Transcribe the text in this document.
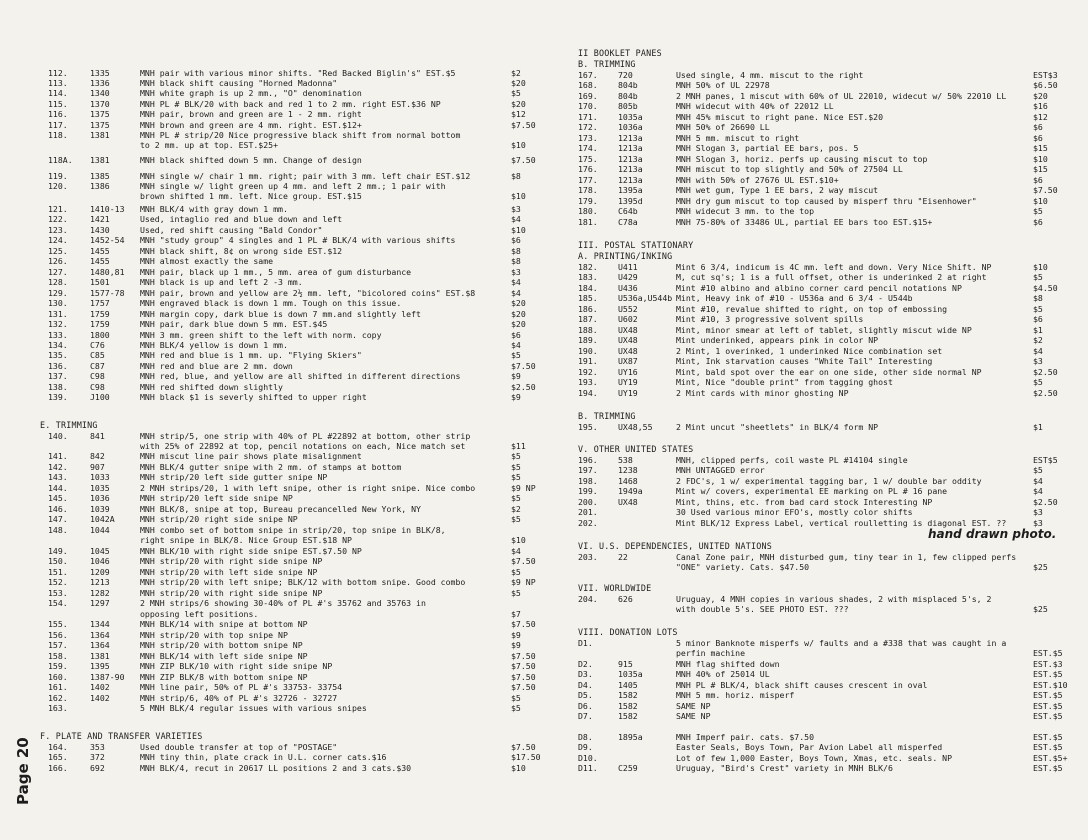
112.	1335	MNH pair with various minor shifts. "Red Backed Biglin's" EST.$5	$2
113.	1336	MNH black shift causing "Horned Madonna"	$20
114.	1340	MNH white graph is up 2 mm., "O" denomination	$5
115.	1370	MNH PL # BLK/20 with back and red 1 to 2 mm. right EST.$36 NP	$20
116.	1375	MNH pair, brown and green are 1 - 2 mm. right	$12
117.	1375	MNH brown and green are 4 mm. right. EST.$12+	$7.50
118.	1381	MNH PL # strip/20 Nice progressive black shift from normal bottom
to 2 mm. up at top. EST.$25+	$10
118A. 1381	MNH black shifted down 5 mm. Change of design	$7.50
119.	1385	MNH single w/ chair 1 mm. right; pair with 3 mm. left chair EST.$12	$8
120.	1386	MNH single w/ light green up 4 mm. and left 2 mm.; 1 pair with
brown shifted 1 mm. left. Nice group. EST.$15	$10
121.	1410-13 MNH BLK/4 with gray down 1 mm.	$3
122.	1421	Used, intaglio red and blue down and left	$4
123.	1430	Used, red shift causing "Bald Condor"	$10
124.	1452-54 MNH "study group" 4 singles and 1 PL # BLK/4 with various shifts	$6
125.	1455	MNH black shift, 8¢ on wrong side EST.$12	$8
126.	1455	MNH almost exactly the same	$8
127.	1480,81 MNH pair, black up 1 mm., 5 mm. area of gum disturbance	$3
128.	1501	MNH black is up and left 2 -3 mm.	$4
129.	1577-78 MNH pair, brown and yellow are 2½ mm. left, "bicolored coins" EST.$8	$4
130.	1757	MNH engraved black is down 1 mm. Tough on this issue.	$20
131.	1759	MNH margin copy, dark blue is down 7 mm.and slightly left	$20
132.	1759	MNH pair, dark blue down 5 mm. EST.$45	$20
133.	1800	MNH 3 mm. green shift to the left with norm. copy	$6
134.	C76	MNH BLK/4 yellow is down 1 mm.	$4
135.	C85	MNH red and blue is 1 mm. up. "Flying Skiers"	$5
136.	C87	MNH red and blue are 2 mm. down	$7.50
137.	C98	MNH red, blue, and yellow are all shifted in different directions	$9
138.	C98	MNH red shifted down slightly	$2.50
139.	J100	MNH black $1 is severly shifted to upper right	$9
E. TRIMMING
140.	841	MNH strip/5, one strip with 40% of PL #22892 at bottom, other strip
with 25% of 22892 at top, pencil notations on each, Nice match set	$11
141.	842	MNH miscut line pair shows plate misalignment	$5
142.	907	MNH BLK/4 gutter snipe with 2 mm. of stamps at bottom	$5
143.	1033	MNH strip/20 left side gutter snipe NP	$5
144.	1035	2 MNH strips/20, 1 with left snipe, other is right snipe. Nice combo	$9 NP
145.	1036	MNH strip/20 left side snipe NP	$5
146.	1039	MNH BLK/8, snipe at top, Bureau precancelled New York, NY	$2
147.	1042A	MNH strip/20 right side snipe NP	$5
148.	1044	MNH combo set of bottom snipe in strip/20, top snipe in BLK/8,
right snipe in BLK/8. Nice Group EST.$18 NP	$10
149.	1045	MNH BLK/10 with right side snipe EST.$7.50 NP	$4
150.	1046	MNH strip/20 with right side snipe NP	$7.50
151.	1209	MNH strip/20 with left side snipe NP	$5
152.	1213	MNH strip/20 with left snipe; BLK/12 with bottom snipe. Good combo	$9 NP
153.	1282	MNH strip/20 with right side snipe NP	$5
154.	1297	2 MNH strips/6 showing 30-40% of PL #'s 35762 and 35763 in
opposing left positions.	$7
155.	1344	MNH BLK/14 with snipe at bottom NP	$7.50
156.	1364	MNH strip/20 with top snipe NP	$9
157.	1364	MNH strip/20 with bottom snipe NP	$9
158.	1381	MNH BLK/14 with left side snipe NP	$7.50
159.	1395	MNH ZIP BLK/10 with right side snipe NP	$7.50
160.	1387-90 MNH ZIP BLK/8 with bottom snipe NP	$7.50
161.	1402	MNH line pair, 50% of PL #'s 33753- 33754	$7.50
162.	1402	MNH strip/6, 40% of PL #'s 32726 - 32727	$5
163.	5 MNH BLK/4 regular issues with various snipes	$5
F. PLATE AND TRANSFER VARIETIES
164.	353	Used double transfer at top of "POSTAGE"	$7.50
165.	372	MNH tiny thin, plate crack in U.L. corner cats.$16	$17.50
166.	692	MNH BLK/4, recut in 20617 LL positions 2 and 3 cats.$30	$10
II BOOKLET PANES
B. TRIMMING
167. 720	Used single, 4 mm. miscut to the right	EST$3
168. 804b	MNH 50% of UL 22978	$6.50
169. 804b	2 MNH panes, 1 miscut with 60% of UL 22010, widecut w/ 50% 22010 LL	$20
170. 805b	MNH widecut with 40% of 22012 LL	$16
171. 1035a	MNH 45% miscut to right pane. Nice EST.$20	$12
172. 1036a	MNH 50% of 26690 LL	$6
173. 1213a	MNH 5 mm. miscut to right	$6
174. 1213a	MNH Slogan 3, partial EE bars, pos. 5	$15
175. 1213a	MNH Slogan 3, horiz. perfs up causing miscut to top	$10
176. 1213a	MNH miscut to top slightly and 50% of 27504 LL	$15
177. 1213a	MNH with 50% of 27676 UL EST.$10+	$6
178. 1395a	MNH wet gum, Type 1 EE bars, 2 way miscut	$7.50
179. 1395d	MNH dry gum miscut to top caused by misperf thru "Eisenhower"	$10
180. C64b	MNH widecut 3 mm. to the top	$5
181. C78a	MNH 75-80% of 33486 UL, partial EE bars too EST.$15+	$6
III. POSTAL STATIONARY
A. PRINTING/INKING
182. U411	Mint 6 3/4, indicum is 4C mm. left and down. Very Nice Shift. NP	$10
183. U429	M, cut sq's; 1 is a full offset, other is underinked 2 at right	$5
184. U436	Mint #10 albino and albino corner card pencil notations NP	$4.50
185. U536a,U544b Mint, Heavy ink of #10 - U536a and 6 3/4 - U544b	$8
186. U552	Mint #10, revalue shifted to right, on top of embossing	$5
187. U602	Mint #10, 3 progressive solvent spills	$6
188. UX48	Mint, minor smear at left of tablet, slightly miscut wide NP	$1
189. UX48	Mint underinked, appears pink in color NP	$2
190. UX48	2 Mint, 1 overinked, 1 underinked Nice combination set	$4
191. UX87	Mint, Ink starvation causes "White Tail" Interesting	$3
192. UY16	Mint, bald spot over the ear on one side, other side normal NP	$2.50
193. UY19	Mint, Nice "double print" from tagging ghost	$5
194. UY19	2 Mint cards with minor ghosting NP	$2.50
B. TRIMMING
195. UX48,55	2 Mint uncut "sheetlets" in BLK/4 form NP	$1
V. OTHER UNITED STATES
196. 538	MNH, clipped perfs, coil waste PL #14104 single	EST$5
197. 1238	MNH UNTAGGED error	$5
198. 1468	2 FDC's, 1 w/ experimental tagging bar, 1 w/ double bar oddity	$4
199. 1949a	Mint w/ covers, experimental EE marking on PL # 16 pane	$4
200. UX48	Mint, thins, etc. from bad card stock Interesting NP	$2.50
201.	30 Used various minor EFO's, mostly color shifts	$3
202.	Mint BLK/12 Express Label, vertical roulletting is diagonal EST. ??	$3
VI. U.S. DEPENDENCIES, UNITED NATIONS
203. 22	Canal Zone pair, MNH disturbed gum, tiny tear in 1, few clipped perfs
"ONE" variety. Cats. $47.50	$25
VII. WORLDWIDE
204. 626	Uruguay, 4 MNH copies in various shades, 2 with misplaced 5's, 2
with double 5's. SEE PHOTO EST. ???	$25
VIII. DONATION LOTS
D1.	5 minor Banknote misperfs w/ faults and a #338 that was caught in a
perfin machine	EST.$5
D2.	915	MNH flag shifted down	EST.$3
D3.	1035a	MNH 40% of 25014 UL	EST.$5
D4.	1405	MNH PL # BLK/4, black shift causes crescent in oval	EST.$10
D5.	1582	MNH 5 mm. horiz. misperf	EST.$5
D6.	1582	SAME NP	EST.$5
D7.	1582	SAME NP	EST.$5
D8.	1895a	MNH Imperf pair. cats. $7.50	EST.$5
D9.	Easter Seals, Boys Town, Par Avion Label all misperfed	EST.$5
D10.	Lot of few 1,000 Easter, Boys Town, Xmas, etc. seals. NP	EST.$5+
D11. C259	Uruguay, "Bird's Crest" variety in MNH BLK/6	EST.$5
Page 20
hand drawn photo.
